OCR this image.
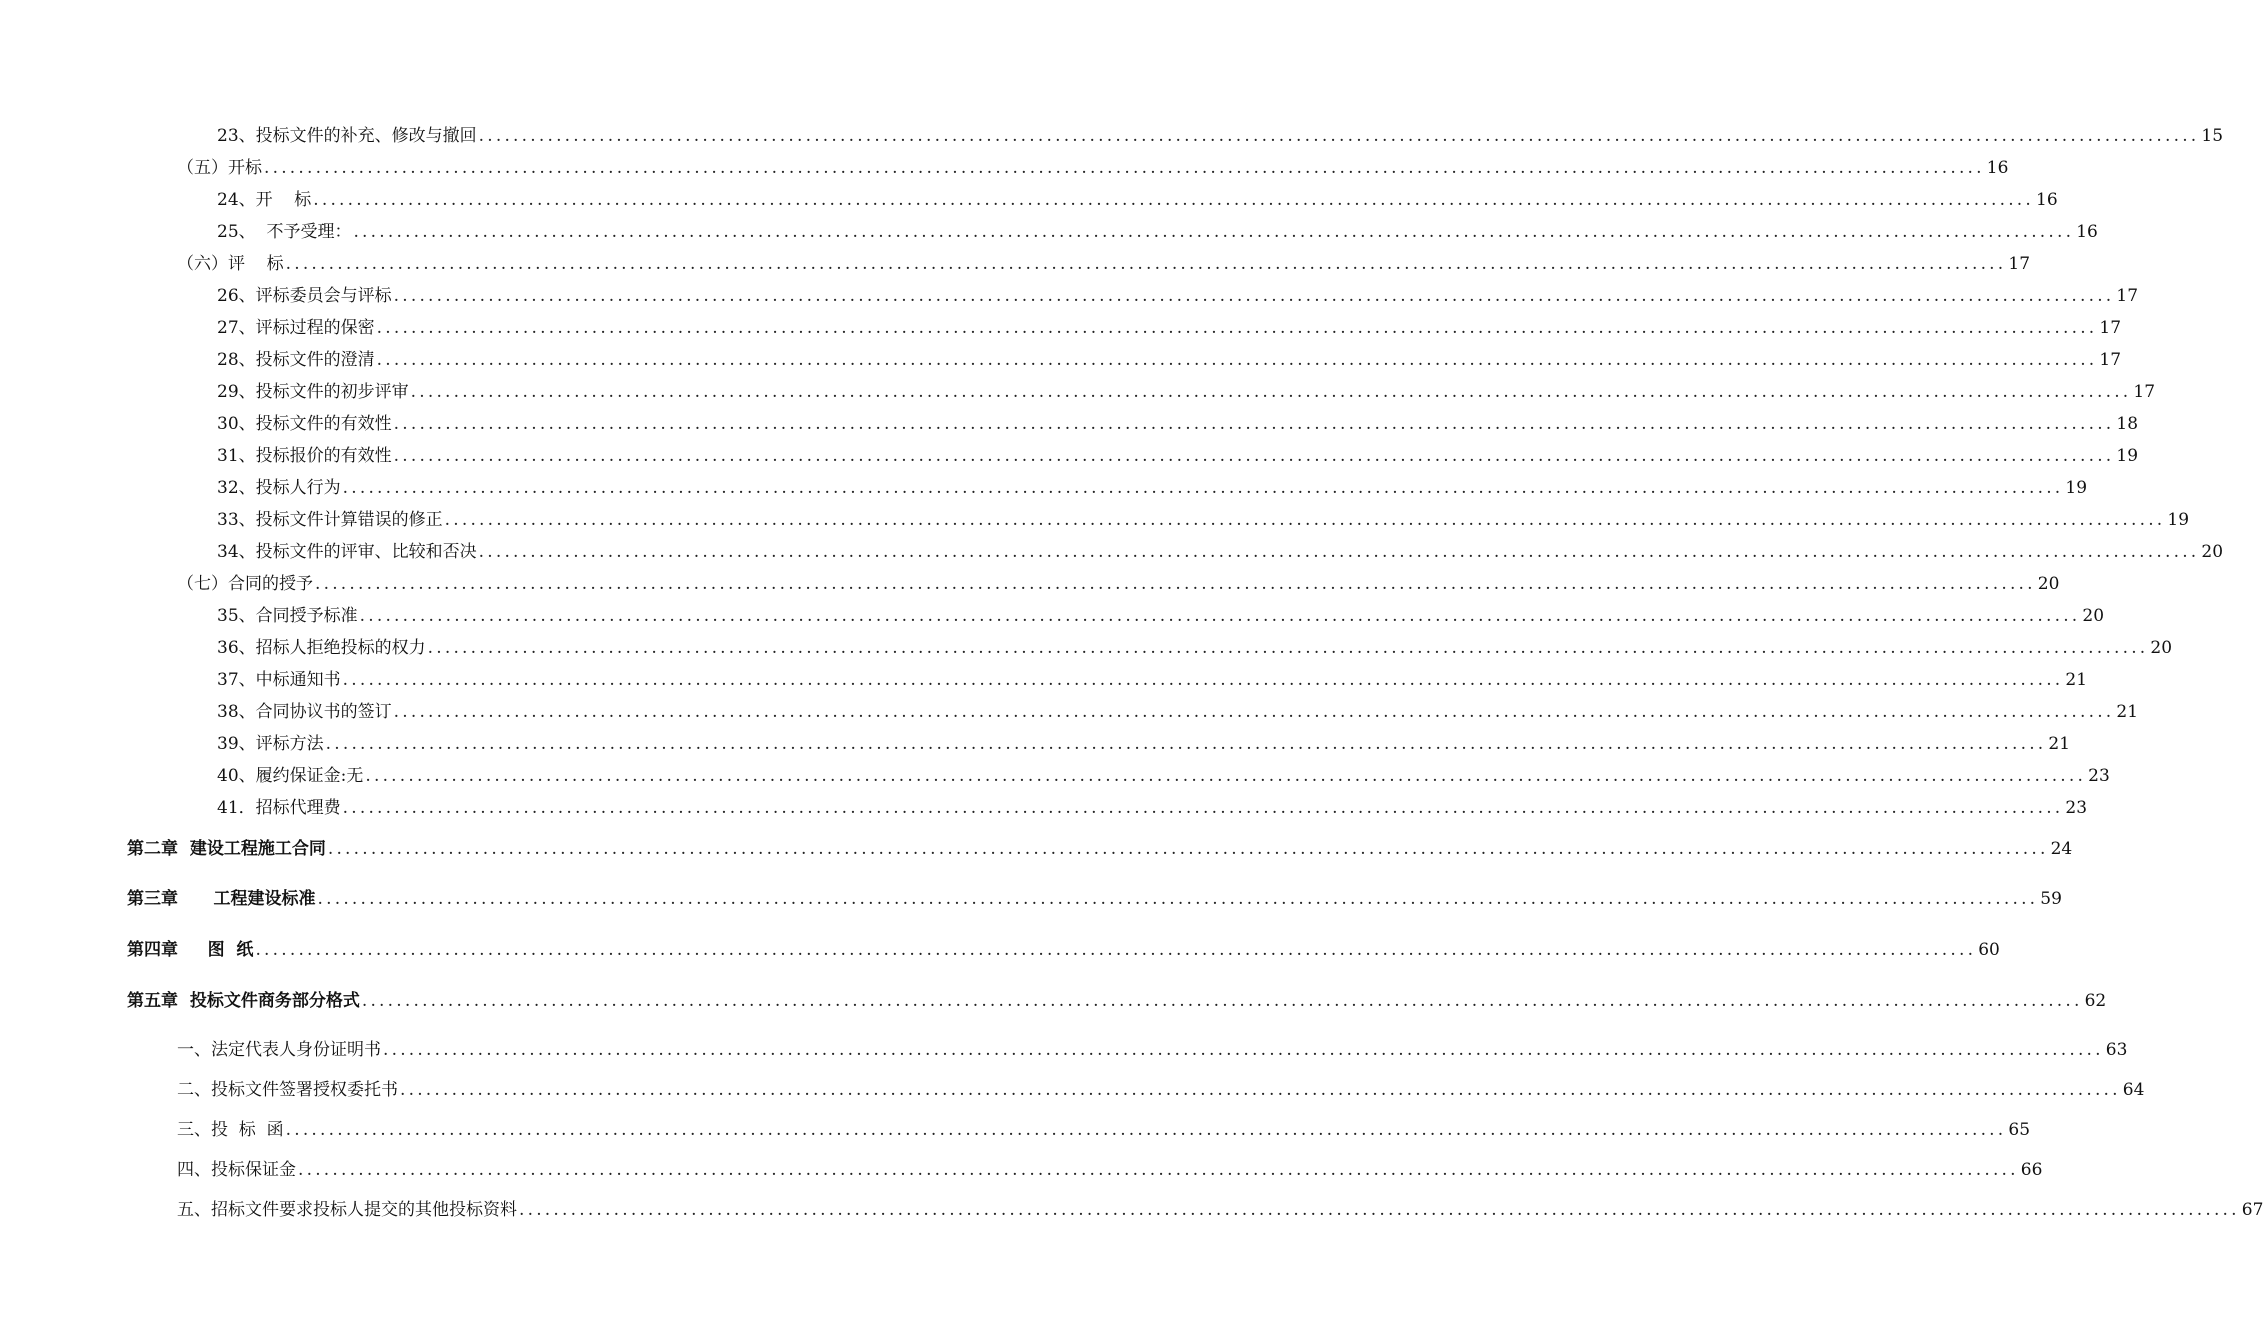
23、投标文件的补充、修改与撤回 ........................................................................................................................................................................................................ 15
（五）开标 ........................................................................................................................................................................................................ 16
24、开    标 ........................................................................................................................................................................................................ 16
25、  不予受理： ........................................................................................................................................................................................................ 16
（六）评    标 ........................................................................................................................................................................................................ 17
26、评标委员会与评标 ........................................................................................................................................................................................................ 17
27、评标过程的保密 ........................................................................................................................................................................................................ 17
28、投标文件的澄清 ........................................................................................................................................................................................................ 17
29、投标文件的初步评审 ........................................................................................................................................................................................................ 17
30、投标文件的有效性 ........................................................................................................................................................................................................ 18
31、投标报价的有效性 ........................................................................................................................................................................................................ 19
32、投标人行为 ........................................................................................................................................................................................................ 19
33、投标文件计算错误的修正 ........................................................................................................................................................................................................ 19
34、投标文件的评审、比较和否决 ........................................................................................................................................................................................................ 20
（七）合同的授予 ........................................................................................................................................................................................................ 20
35、合同授予标准 ........................................................................................................................................................................................................ 20
36、招标人拒绝投标的权力 ........................................................................................................................................................................................................ 20
37、中标通知书 ........................................................................................................................................................................................................ 21
38、合同协议书的签订 ........................................................................................................................................................................................................ 21
39、评标方法 ........................................................................................................................................................................................................ 21
40、履约保证金:无 ........................................................................................................................................................................................................ 23
41．招标代理费 ........................................................................................................................................................................................................ 23
第二章  建设工程施工合同 ........................................................................................................................................................................................................ 24
第三章      工程建设标准 ........................................................................................................................................................................................................ 59
第四章     图  纸 ........................................................................................................................................................................................................ 60
第五章  投标文件商务部分格式 ........................................................................................................................................................................................................ 62
一、法定代表人身份证明书 ........................................................................................................................................................................................................ 63
二、投标文件签署授权委托书 ........................................................................................................................................................................................................ 64
三、投  标  函 ........................................................................................................................................................................................................ 65
四、投标保证金 ........................................................................................................................................................................................................ 66
五、招标文件要求投标人提交的其他投标资料 ........................................................................................................................................................................................................ 67
